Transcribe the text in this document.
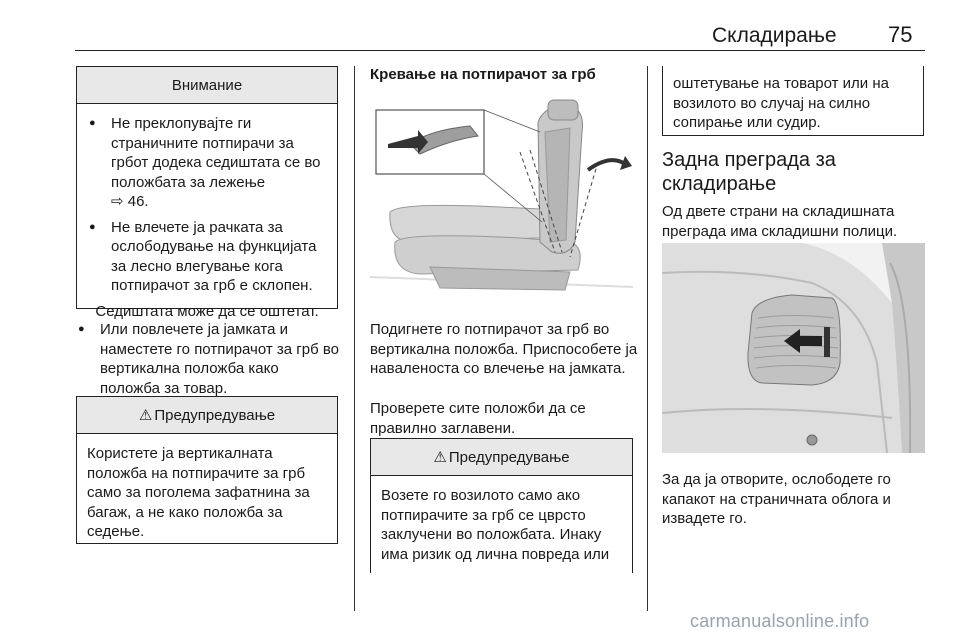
Складирање 75
Внимание
● Не преклопувајте ги страничните потпирачи за грбот додека седиштата се во положбата за лежење
⇨ 46.
● Не влечете ја рачката за ослободување на функцијата за лесно влегување кога потпирачот за грб е склопен.
Седиштата може да се оштетат.
● Или повлечете ја јамката и наместете го потпирачот за грб во вертикална положба како положба за товар.
⚠ Предупредување
Користете ја вертикалната положба на потпирачите за грб само за поголема зафатнина за багаж, а не како положба за седење.
Кревање на потпирачот за грб
Подигнете го потпирачот за грб во вертикална положба. Приспособете ја навaленоста со влечење на јамката.
Проверете сите положби да се правилно заглавени.
⚠ Предупредување
Возете го возилото само ако потпирачите за грб се цврсто заклучени во положбата. Инаку има ризик од лична повреда или
оштетување на товарот или на возилото во случај на силно сопирање или судир.
Задна преграда за складирање
Од двете страни на складишната преграда има складишни полици.
За да ја отворите, ослободете го капакот на страничната облога и извадете го.
carmanualsonline.info
